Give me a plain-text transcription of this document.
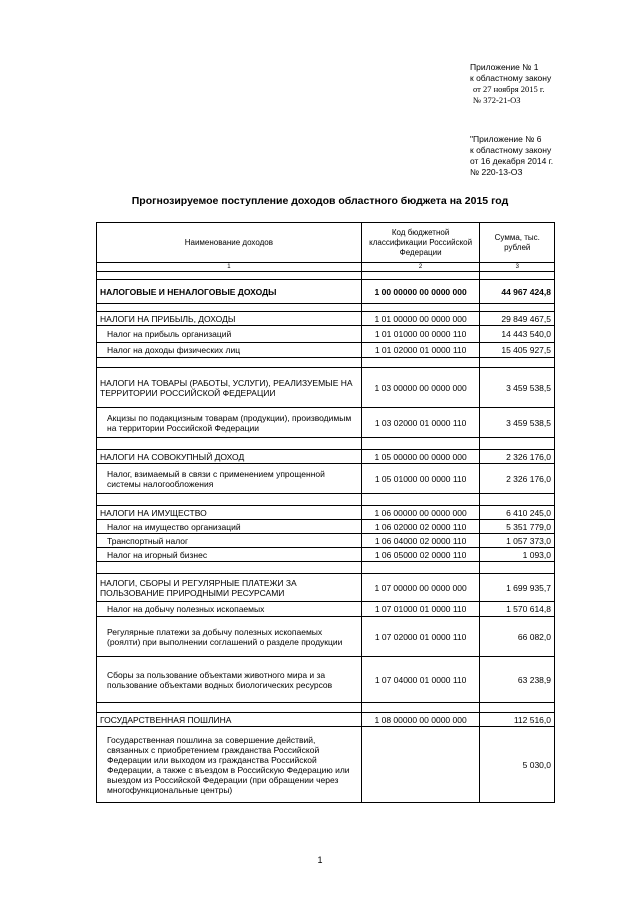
Приложение № 1
к областному закону
от 27 ноября 2015 г.
№ 372-21-ОЗ
"Приложение № 6
к областному закону
от 16 декабря 2014 г.
№ 220-13-ОЗ
Прогнозируемое поступление доходов областного бюджета на 2015 год
Наименование доходов	Код бюджетной классификации Российской Федерации	Сумма, тыс. рублей
1	2	3

НАЛОГОВЫЕ И НЕНАЛОГОВЫЕ ДОХОДЫ	1 00 00000 00 0000 000	44 967 424,8

НАЛОГИ НА ПРИБЫЛЬ, ДОХОДЫ	1 01 00000 00 0000 000	29 849 467,5
Налог на прибыль организаций	1 01 01000 00 0000 110	14 443 540,0
Налог на доходы физических лиц	1 01 02000 01 0000 110	15 405 927,5

НАЛОГИ НА ТОВАРЫ (РАБОТЫ, УСЛУГИ), РЕАЛИЗУЕМЫЕ НА ТЕРРИТОРИИ РОССИЙСКОЙ ФЕДЕРАЦИИ	1 03 00000 00 0000 000	3 459 538,5
Акцизы по подакцизным товарам (продукции), производимым на территории Российской Федерации	1 03 02000 01 0000 110	3 459 538,5

НАЛОГИ НА СОВОКУПНЫЙ ДОХОД	1 05 00000 00 0000 000	2 326 176,0
Налог, взимаемый в связи с применением упрощенной системы налогообложения	1 05 01000 00 0000 110	2 326 176,0

НАЛОГИ НА ИМУЩЕСТВО	1 06 00000 00 0000 000	6 410 245,0
Налог на имущество организаций	1 06 02000 02 0000 110	5 351 779,0
Транспортный налог	1 06 04000 02 0000 110	1 057 373,0
Налог на игорный бизнес	1 06 05000 02 0000 110	1 093,0

НАЛОГИ, СБОРЫ И РЕГУЛЯРНЫЕ ПЛАТЕЖИ ЗА ПОЛЬЗОВАНИЕ ПРИРОДНЫМИ РЕСУРСАМИ	1 07 00000 00 0000 000	1 699 935,7
Налог на добычу полезных ископаемых	1 07 01000 01 0000 110	1 570 614,8
Регулярные платежи за добычу полезных ископаемых (роялти) при выполнении соглашений о разделе продукции	1 07 02000 01 0000 110	66 082,0
Сборы за пользование объектами животного мира и за пользование объектами водных биологических ресурсов	1 07 04000 01 0000 110	63 238,9

ГОСУДАРСТВЕННАЯ ПОШЛИНА	1 08 00000 00 0000 000	112 516,0
Государственная пошлина за совершение действий, связанных с приобретением гражданства Российской Федерации или выходом из гражданства Российской Федерации, а также с въездом в Российскую Федерацию или выездом из Российской Федерации (при обращении через многофункциональные центры)		5 030,0
1
